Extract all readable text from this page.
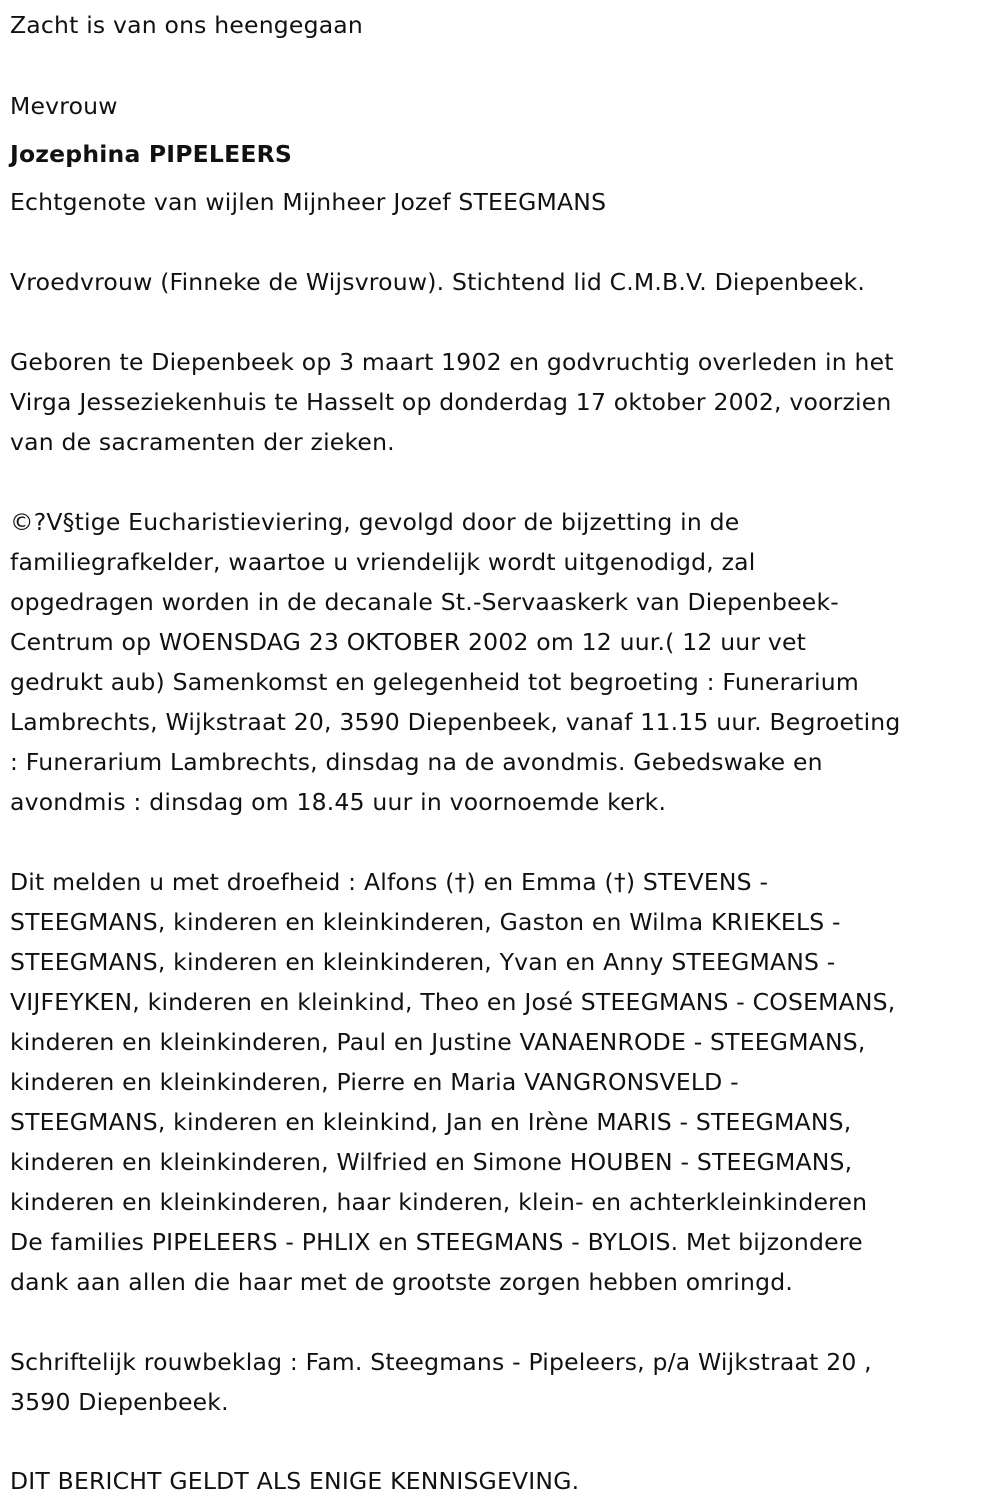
Zacht is van ons heengegaan
Mevrouw
Jozephina PIPELEERS
Echtgenote van wijlen Mijnheer Jozef STEEGMANS
Vroedvrouw (Finneke de Wijsvrouw). Stichtend lid C.M.B.V. Diepenbeek.
Geboren te Diepenbeek op 3 maart 1902 en godvruchtig overleden in het
Virga Jesseziekenhuis te Hasselt op donderdag 17 oktober 2002, voorzien
van de sacramenten der zieken.
©?V§tige Eucharistieviering, gevolgd door de bijzetting in de
familiegrafkelder, waartoe u vriendelijk wordt uitgenodigd, zal
opgedragen worden in de decanale St.-Servaaskerk van Diepenbeek-
Centrum op WOENSDAG 23 OKTOBER 2002 om 12 uur.( 12 uur vet
gedrukt aub) Samenkomst en gelegenheid tot begroeting : Funerarium
Lambrechts, Wijkstraat 20, 3590 Diepenbeek, vanaf 11.15 uur. Begroeting
: Funerarium Lambrechts, dinsdag na de avondmis. Gebedswake en
avondmis : dinsdag om 18.45 uur in voornoemde kerk.
Dit melden u met droefheid : Alfons (†) en Emma (†) STEVENS -
STEEGMANS, kinderen en kleinkinderen, Gaston en Wilma KRIEKELS -
STEEGMANS, kinderen en kleinkinderen, Yvan en Anny STEEGMANS -
VIJFEYKEN, kinderen en kleinkind, Theo en José STEEGMANS - COSEMANS,
kinderen en kleinkinderen, Paul en Justine VANAENRODE - STEEGMANS,
kinderen en kleinkinderen, Pierre en Maria VANGRONSVELD -
STEEGMANS, kinderen en kleinkind, Jan en Irène MARIS - STEEGMANS,
kinderen en kleinkinderen, Wilfried en Simone HOUBEN - STEEGMANS,
kinderen en kleinkinderen, haar kinderen, klein- en achterkleinkinderen
De families PIPELEERS - PHLIX en STEEGMANS - BYLOIS. Met bijzondere
dank aan allen die haar met de grootste zorgen hebben omringd.
Schriftelijk rouwbeklag : Fam. Steegmans - Pipeleers, p/a Wijkstraat 20 ,
3590 Diepenbeek.
DIT BERICHT GELDT ALS ENIGE KENNISGEVING.
